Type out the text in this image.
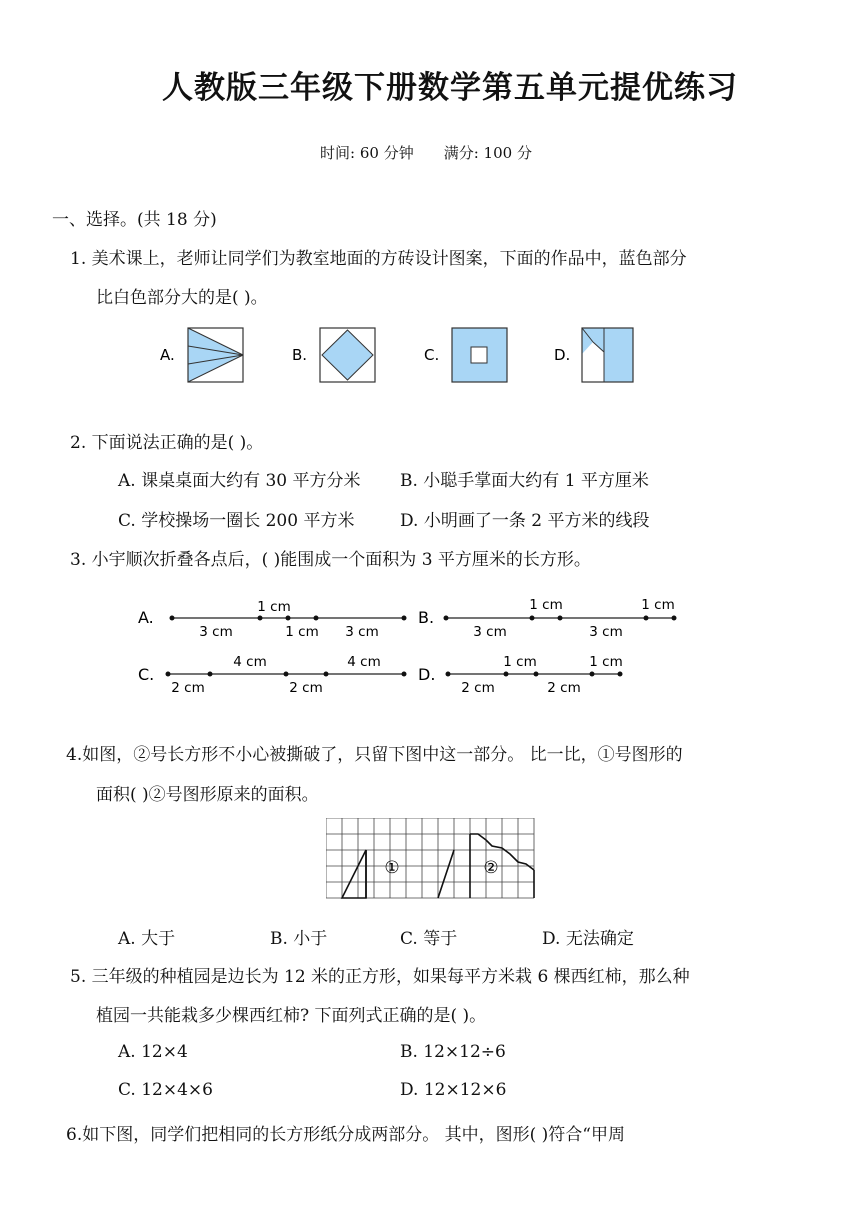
人教版三年级下册数学第五单元提优练习
时间: 60 分钟 满分: 100 分
一、选择。(共 18 分)
1. 美术课上，老师让同学们为教室地面的方砖设计图案，下面的作品中，蓝色部分
比白色部分大的是( )。
A.	B.	C.	D.
2. 下面说法正确的是( )。
A. 课桌桌面大约有 30 平方分米 B. 小聪手掌面大约有 1 平方厘米
C. 学校操场一圈长 200 平方米	D. 小明画了一条 2 平方米的线段
3. 小宇顺次折叠各点后，( )能围成一个面积为 3 平方厘米的长方形。
A.
3 cm
1 cm
1 cm 3 cm
B.
3 cm
1 cm
3 cm
1 cm
C.
2 cm
4 cm
2 cm
4 cm
D.
2 cm
1 cm
2 cm
1 cm
4.如图，②号长方形不小心被撕破了，只留下图中这一部分。 比一比，①号图形的
面积( )②号图形原来的面积。
①	②
A. 大于	B. 小于	C. 等于	D. 无法确定
5. 三年级的种植园是边长为 12 米的正方形，如果每平方米栽 6 棵西红柿，那么种
植园一共能栽多少棵西红柿? 下面列式正确的是( )。
A. 12×4	B. 12×12÷6
C. 12×4×6	D. 12×12×6
6.如下图，同学们把相同的长方形纸分成两部分。 其中，图形( )符合“甲周
